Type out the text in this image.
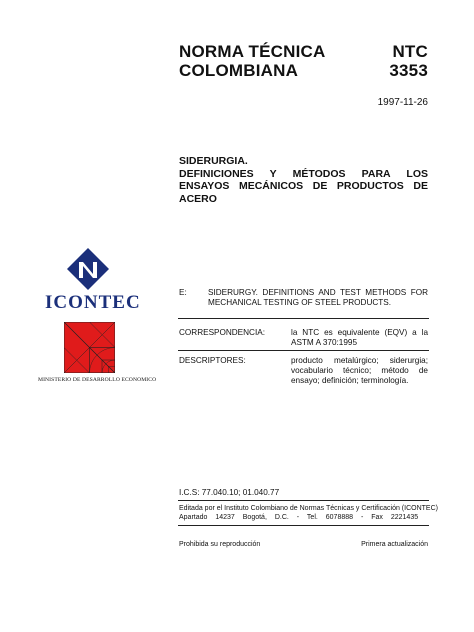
NORMA TÉCNICA
COLOMBIANA
NTC
3353
1997-11-26
SIDERURGIA.
DEFINICIONES Y MÉTODOS PARA LOS ENSAYOS MECÁNICOS DE PRODUCTOS DE ACERO
ICONTEC
MINISTERIO DE DESARROLLO ECONOMICO
E:	SIDERURGY. DEFINITIONS AND TEST METHODS FOR MECHANICAL TESTING OF STEEL PRODUCTS.
CORRESPONDENCIA:	la NTC es equivalente (EQV) a la ASTM A 370:1995
DESCRIPTORES:	producto metalúrgico; siderurgia; vocabulario técnico; método de ensayo; definición; terminología.
I.C.S: 77.040.10; 01.040.77
Editada por el Instituto Colombiano de Normas Técnicas y Certificación (ICONTEC)
Apartado 14237 Bogotá, D.C. - Tel. 6078888 - Fax 2221435
Prohibida su reproducción	Primera actualización
